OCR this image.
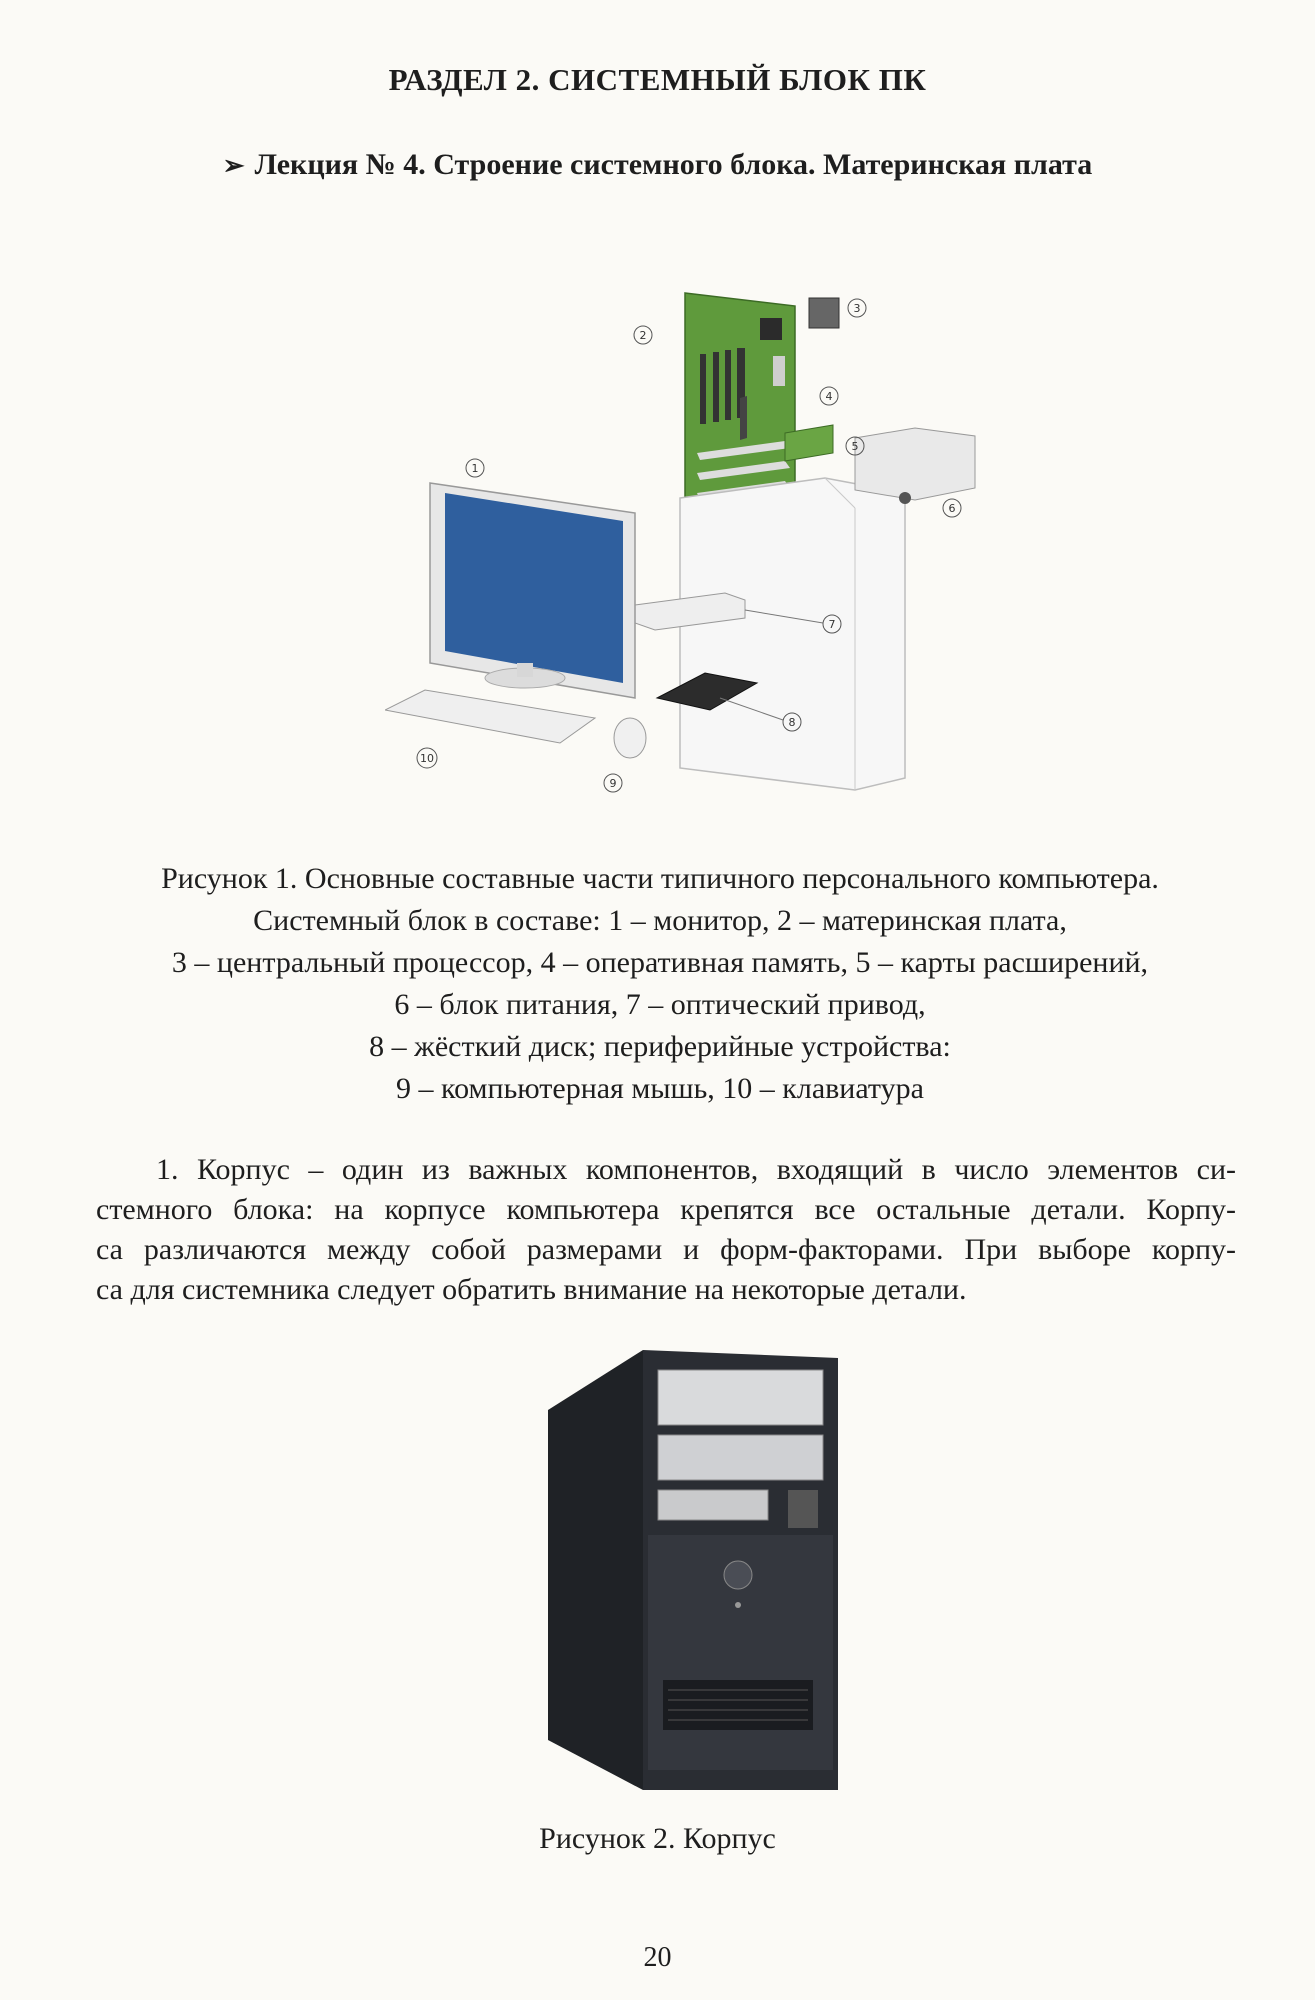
РАЗДЕЛ 2. СИСТЕМНЫЙ БЛОК ПК
➢ Лекция № 4. Строение системного блока. Материнская плата
1
2
3
4
5
6
7
8
9
10
Рисунок 1. Основные составные части типичного персонального компьютера.
Системный блок в составе: 1 – монитор, 2 – материнская плата,
3 – центральный процессор, 4 – оперативная память, 5 – карты расширений,
6 – блок питания, 7 – оптический привод,
8 – жёсткий диск; периферийные устройства:
9 – компьютерная мышь, 10 – клавиатура
1. Корпус – один из важных компонентов, входящий в число элементов си-
стемного блока: на корпусе компьютера крепятся все остальные детали. Корпу-
са различаются между собой размерами и форм-факторами. При выборе корпу-
са для системника следует обратить внимание на некоторые детали.
Рисунок 2. Корпус
20
